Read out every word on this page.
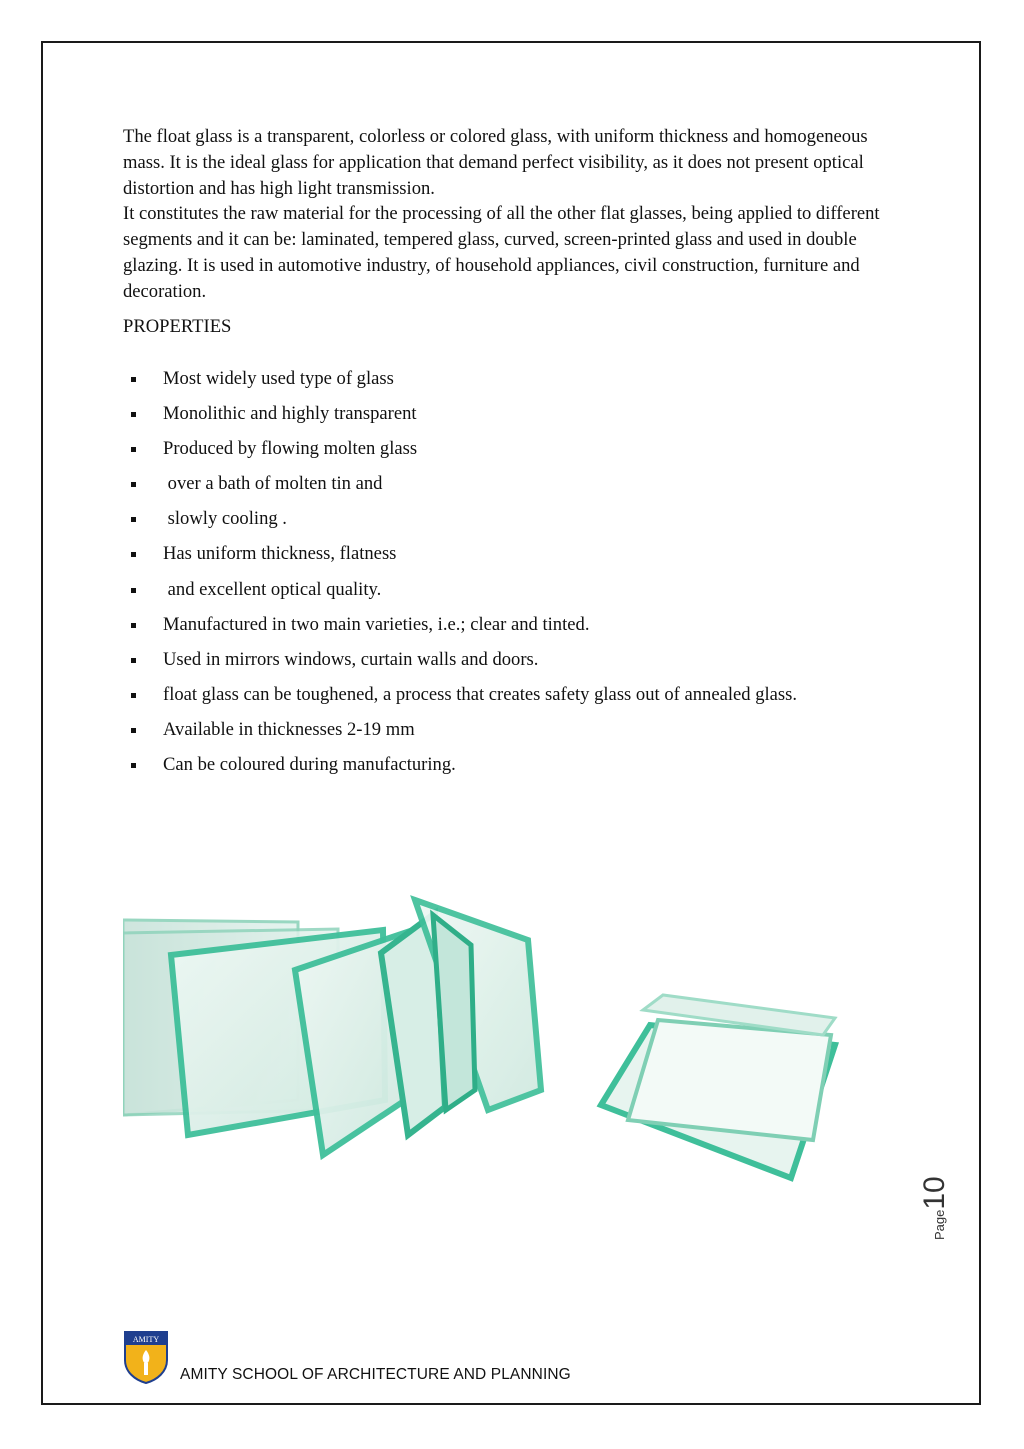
The float glass is a transparent, colorless or colored glass, with uniform thickness and homogeneous mass. It is the ideal glass for application that demand perfect visibility, as it does not present optical distortion and has high light transmission.

It constitutes the raw material for the processing of all the other flat glasses, being applied to different segments and it can be: laminated, tempered glass, curved, screen-printed glass and used in double glazing. It is used in automotive industry, of household appliances, civil construction, furniture and decoration.

PROPERTIES
Most widely used type of glass
Monolithic and highly transparent
Produced by flowing molten glass
over a bath of molten tin and
slowly cooling .
Has uniform thickness, flatness
and excellent optical quality.
Manufactured in two main varieties, i.e.; clear and tinted.
Used in mirrors windows, curtain walls and doors.
float glass can be toughened, a process that creates safety glass out of annealed glass.
Available in thicknesses 2-19 mm
Can be coloured during manufacturing.
Page10
AMITY
AMITY SCHOOL OF ARCHITECTURE AND PLANNING
